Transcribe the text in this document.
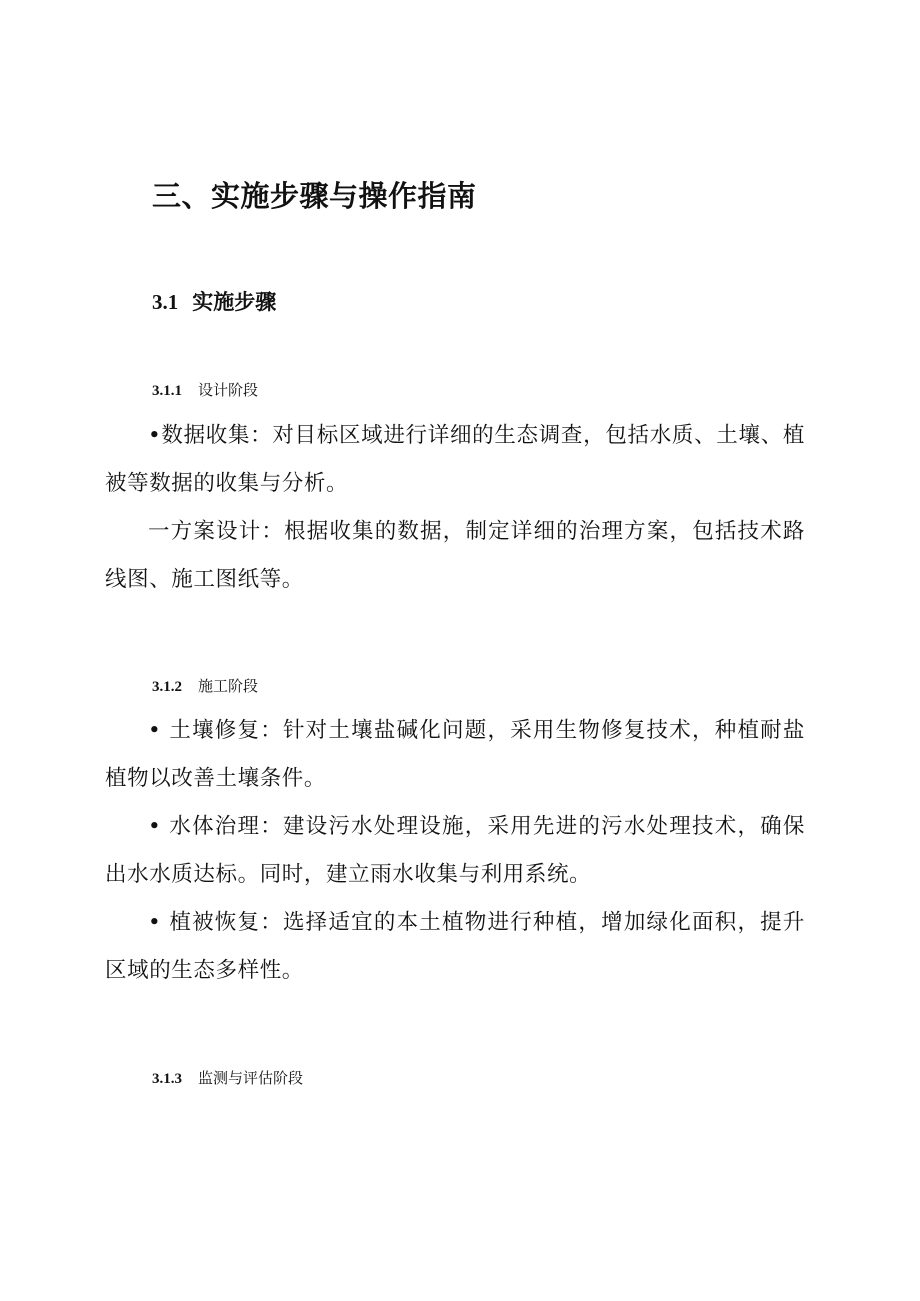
三、实施步骤与操作指南
3.1 实施步骤
3.1.1 设计阶段
•数据收集：对目标区域进行详细的生态调查，包括水质、土壤、植被等数据的收集与分析。
一方案设计：根据收集的数据，制定详细的治理方案，包括技术路线图、施工图纸等。
3.1.2 施工阶段
• 土壤修复：针对土壤盐碱化问题，采用生物修复技术，种植耐盐植物以改善土壤条件。
• 水体治理：建设污水处理设施，采用先进的污水处理技术，确保出水水质达标。同时，建立雨水收集与利用系统。
• 植被恢复：选择适宜的本土植物进行种植，增加绿化面积，提升区域的生态多样性。
3.1.3 监测与评估阶段
